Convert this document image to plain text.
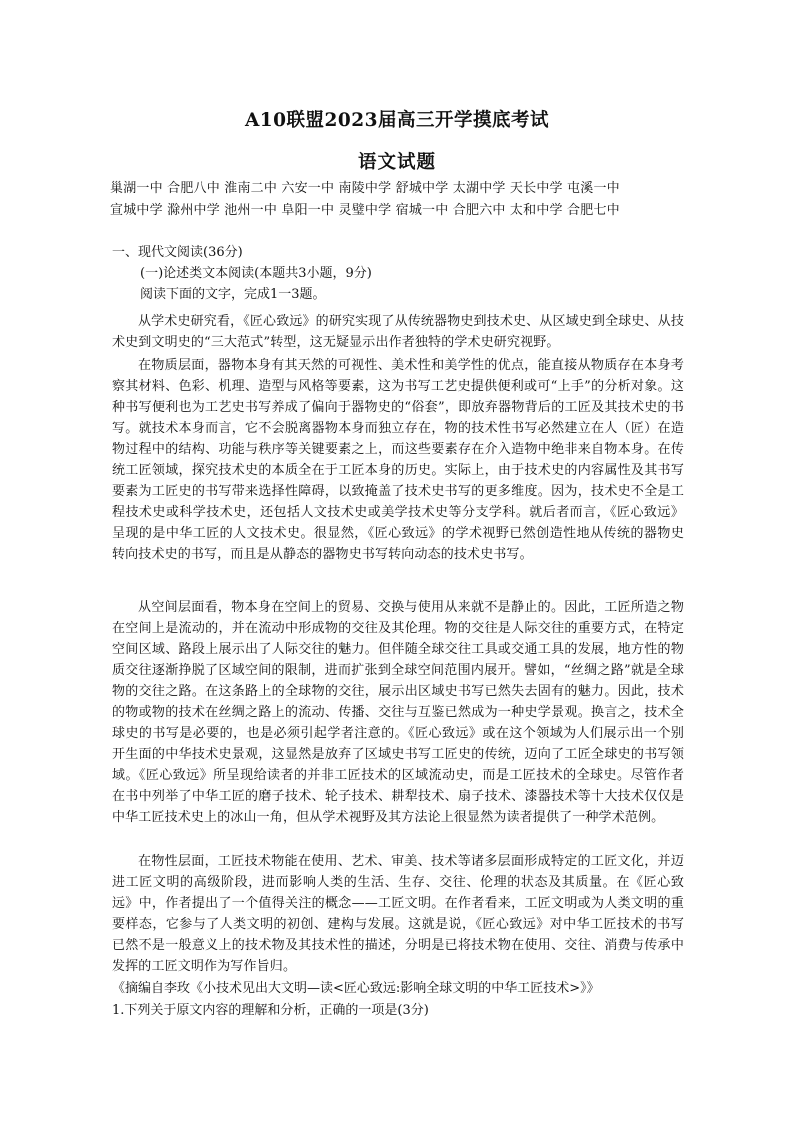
A10联盟2023届高三开学摸底考试
语文试题
巢湖一中 合肥八中 淮南二中 六安一中 南陵中学 舒城中学 太湖中学 天长中学 屯溪一中
宣城中学 滁州中学 池州一中 阜阳一中 灵璧中学 宿城一中 合肥六中 太和中学 合肥七中
一、现代文阅读(36分)
(一)论述类文本阅读(本题共3小题，9分)
阅读下面的文字，完成1一3题。

从学术史研究看，《匠心致远》的研究实现了从传统器物史到技术史、从区域史到全球史、从技术史到文明史的“三大范式”转型，这无疑显示出作者独特的学术史研究视野。

在物质层面，器物本身有其天然的可视性、美术性和美学性的优点，能直接从物质存在本身考察其材料、色彩、机理、造型与风格等要素，这为书写工艺史提供便利或可“上手”的分析对象。这种书写便利也为工艺史书写养成了偏向于器物史的“俗套”，即放弃器物背后的工匠及其技术史的书写。就技术本身而言，它不会脱离器物本身而独立存在，物的技术性书写必然建立在人（匠）在造物过程中的结构、功能与秩序等关键要素之上，而这些要素存在介入造物中绝非来自物本身。在传统工匠领域，探究技术史的本质全在于工匠本身的历史。实际上，由于技术史的内容属性及其书写要素为工匠史的书写带来选择性障碍，以致掩盖了技术史书写的更多维度。因为，技术史不全是工程技术史或科学技术史，还包括人文技术史或美学技术史等分支学科。就后者而言，《匠心致远》呈现的是中华工匠的人文技术史。很显然，《匠心致远》的学术视野已然创造性地从传统的器物史转向技术史的书写，而且是从静态的器物史书写转向动态的技术史书写。

从空间层面看，物本身在空间上的贸易、交换与使用从来就不是静止的。因此，工匠所造之物在空间上是流动的，并在流动中形成物的交往及其伦理。物的交往是人际交往的重要方式，在特定空间区域、路段上展示出了人际交往的魅力。但伴随全球交往工具或交通工具的发展，地方性的物质交往逐渐挣脱了区域空间的限制，进而扩张到全球空间范围内展开。譬如，“丝绸之路”就是全球物的交往之路。在这条路上的全球物的交往，展示出区域史书写已然失去固有的魅力。因此，技术的物或物的技术在丝绸之路上的流动、传播、交往与互鉴已然成为一种史学景观。换言之，技术全球史的书写是必要的，也是必须引起学者注意的。《匠心致远》或在这个领域为人们展示出一个别开生面的中华技术史景观，这显然是放弃了区域史书写工匠史的传统，迈向了工匠全球史的书写领域。《匠心致远》所呈现给读者的并非工匠技术的区域流动史，而是工匠技术的全球史。尽管作者在书中列举了中华工匠的磨子技术、轮子技术、耕犁技术、扇子技术、漆器技术等十大技术仅仅是中华工匠技术史上的冰山一角，但从学术视野及其方法论上很显然为读者提供了一种学术范例。

在物性层面，工匠技术物能在使用、艺术、审美、技术等诸多层面形成特定的工匠文化，并迈进工匠文明的高级阶段，进而影响人类的生活、生存、交往、伦理的状态及其质量。在《匠心致远》中，作者提出了一个值得关注的概念——工匠文明。在作者看来，工匠文明或为人类文明的重要样态，它参与了人类文明的初创、建构与发展。这就是说，《匠心致远》对中华工匠技术的书写已然不是一般意义上的技术物及其技术性的描述，分明是已将技术物在使用、交往、消费与传承中发挥的工匠文明作为写作旨归。

《摘编自李玫《小技术见出大文明—读<匠心致远:影响全球文明的中华工匠技术>》》
1.下列关于原文内容的理解和分析，正确的一项是(3分)
